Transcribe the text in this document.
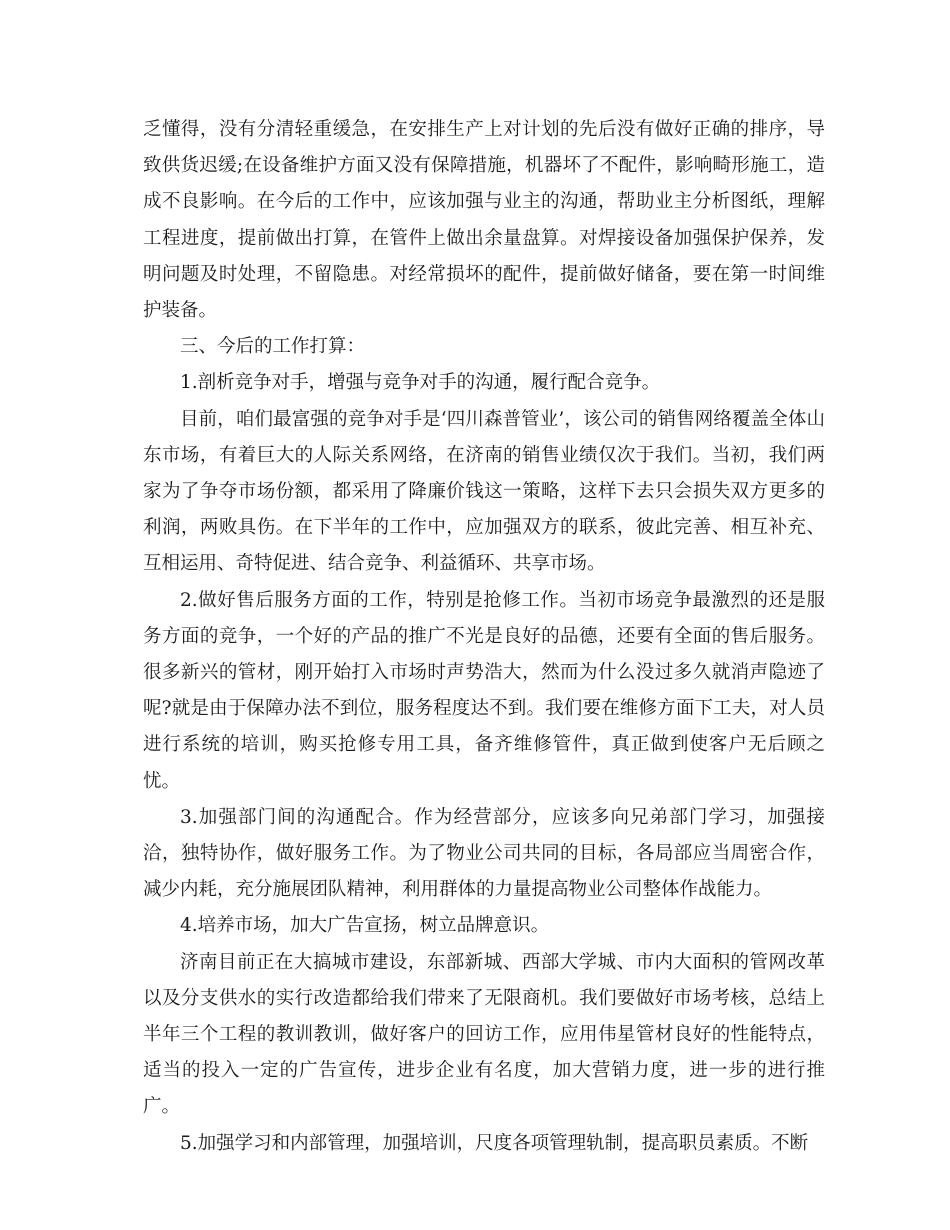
乏懂得，没有分清轻重缓急，在安排生产上对计划的先后没有做好正确的排序，导致供货迟缓;在设备维护方面又没有保障措施，机器坏了不配件，影响畸形施工，造成不良影响。在今后的工作中，应该加强与业主的沟通，帮助业主分析图纸，理解工程进度，提前做出打算，在管件上做出余量盘算。对焊接设备加强保护保养，发明问题及时处理，不留隐患。对经常损坏的配件，提前做好储备，要在第一时间维护装备。

三、今后的工作打算：

1.剖析竞争对手，增强与竞争对手的沟通，履行配合竞争。

目前，咱们最富强的竞争对手是‘四川森普管业’，该公司的销售网络覆盖全体山东市场，有着巨大的人际关系网络，在济南的销售业绩仅次于我们。当初，我们两家为了争夺市场份额，都采用了降廉价钱这一策略，这样下去只会损失双方更多的利润，两败具伤。在下半年的工作中，应加强双方的联系，彼此完善、相互补充、互相运用、奇特促进、结合竞争、利益循环、共享市场。

2.做好售后服务方面的工作，特别是抢修工作。当初市场竞争最激烈的还是服务方面的竞争，一个好的产品的推广不光是良好的品德，还要有全面的售后服务。很多新兴的管材，刚开始打入市场时声势浩大，然而为什么没过多久就消声隐迹了呢?就是由于保障办法不到位，服务程度达不到。我们要在维修方面下工夫，对人员进行系统的培训，购买抢修专用工具，备齐维修管件，真正做到使客户无后顾之忧。

3.加强部门间的沟通配合。作为经营部分，应该多向兄弟部门学习，加强接洽，独特协作，做好服务工作。为了物业公司共同的目标，各局部应当周密合作，减少内耗，充分施展团队精神，利用群体的力量提高物业公司整体作战能力。

4.培养市场，加大广告宣扬，树立品牌意识。

济南目前正在大搞城市建设，东部新城、西部大学城、市内大面积的管网改革以及分支供水的实行改造都给我们带来了无限商机。我们要做好市场考核，总结上半年三个工程的教训教训，做好客户的回访工作，应用伟星管材良好的性能特点，适当的投入一定的广告宣传，进步企业有名度，加大营销力度，进一步的进行推广。

5.加强学习和内部管理，加强培训，尺度各项管理轨制，提高职员素质。不断
